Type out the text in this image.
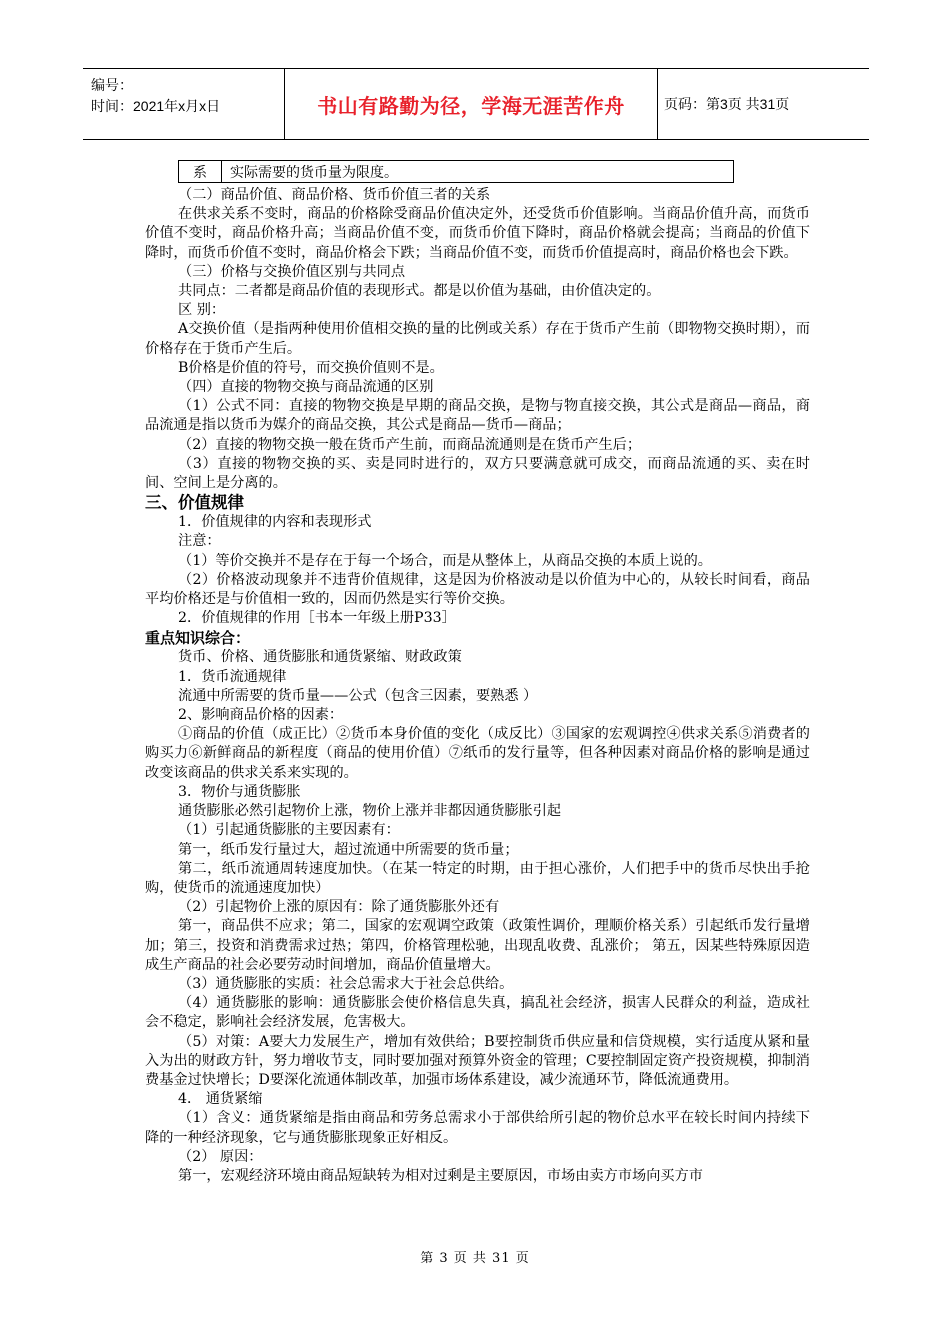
编号：
时间：2021年x月x日	书山有路勤为径，学海无涯苦作舟	页码：第3页 共31页
系	实际需要的货币量为限度。

（二）商品价值、商品价格、货币价值三者的关系

在供求关系不变时，商品的价格除受商品价值决定外，还受货币价值影响。当商品价值升高，而货币价值不变时，商品价格升高；当商品价值不变，而货币价值下降时，商品价格就会提高；当商品的价值下降时，而货币价值不变时，商品价格会下跌；当商品价值不变，而货币价值提高时，商品价格也会下跌。

（三）价格与交换价值区别与共同点

共同点：二者都是商品价值的表现形式。都是以价值为基础，由价值决定的。

区 别：

A交换价值（是指两种使用价值相交换的量的比例或关系）存在于货币产生前（即物物交换时期），而价格存在于货币产生后。

B价格是价值的符号，而交换价值则不是。

（四）直接的物物交换与商品流通的区别

（1）公式不同：直接的物物交换是早期的商品交换，是物与物直接交换，其公式是商品—商品，商品流通是指以货币为媒介的商品交换，其公式是商品—货币—商品；

（2）直接的物物交换一般在货币产生前，而商品流通则是在货币产生后；

（3）直接的物物交换的买、卖是同时进行的，双方只要满意就可成交，而商品流通的买、卖在时间、空间上是分离的。

三、价值规律

1．价值规律的内容和表现形式

注意：

（1）等价交换并不是存在于每一个场合，而是从整体上，从商品交换的本质上说的。

（2）价格波动现象并不违背价值规律，这是因为价格波动是以价值为中心的，从较长时间看，商品平均价格还是与价值相一致的，因而仍然是实行等价交换。

2．价值规律的作用［书本一年级上册P33］

重点知识综合：

货币、价格、通货膨胀和通货紧缩、财政政策

1．货币流通规律

流通中所需要的货币量——公式（包含三因素，要熟悉 ）

2、影响商品价格的因素：

①商品的价值（成正比）②货币本身价值的变化（成反比）③国家的宏观调控④供求关系⑤消费者的购买力⑥新鲜商品的新程度（商品的使用价值）⑦纸币的发行量等，但各种因素对商品价格的影响是通过改变该商品的供求关系来实现的。

3．物价与通货膨胀

通货膨胀必然引起物价上涨，物价上涨并非都因通货膨胀引起

（1）引起通货膨胀的主要因素有：

第一，纸币发行量过大，超过流通中所需要的货币量；

第二，纸币流通周转速度加快。（在某一特定的时期，由于担心涨价，人们把手中的货币尽快出手抢购，使货币的流通速度加快）

（2）引起物价上涨的原因有：除了通货膨胀外还有

第一，商品供不应求；第二，国家的宏观调空政策（政策性调价，理顺价格关系）引起纸币发行量增加；第三，投资和消费需求过热；第四，价格管理松驰，出现乱收费、乱涨价； 第五，因某些特殊原因造成生产商品的社会必要劳动时间增加，商品价值量增大。

（3）通货膨胀的实质：社会总需求大于社会总供给。

（4）通货膨胀的影响：通货膨胀会使价格信息失真，搞乱社会经济，损害人民群众的利益，造成社会不稳定，影响社会经济发展，危害极大。

（5）对策：A要大力发展生产，增加有效供给；B要控制货币供应量和信贷规模，实行适度从紧和量入为出的财政方针，努力增收节支，同时要加强对预算外资金的管理；C要控制固定资产投资规模，抑制消费基金过快增长；D要深化流通体制改革，加强市场体系建设，减少流通环节，降低流通费用。

4． 通货紧缩

（1）含义：通货紧缩是指由商品和劳务总需求小于部供给所引起的物价总水平在较长时间内持续下降的一种经济现象，它与通货膨胀现象正好相反。

（2） 原因：

第一，宏观经济环境由商品短缺转为相对过剩是主要原因，市场由卖方市场向买方市

第 3 页 共 31 页
